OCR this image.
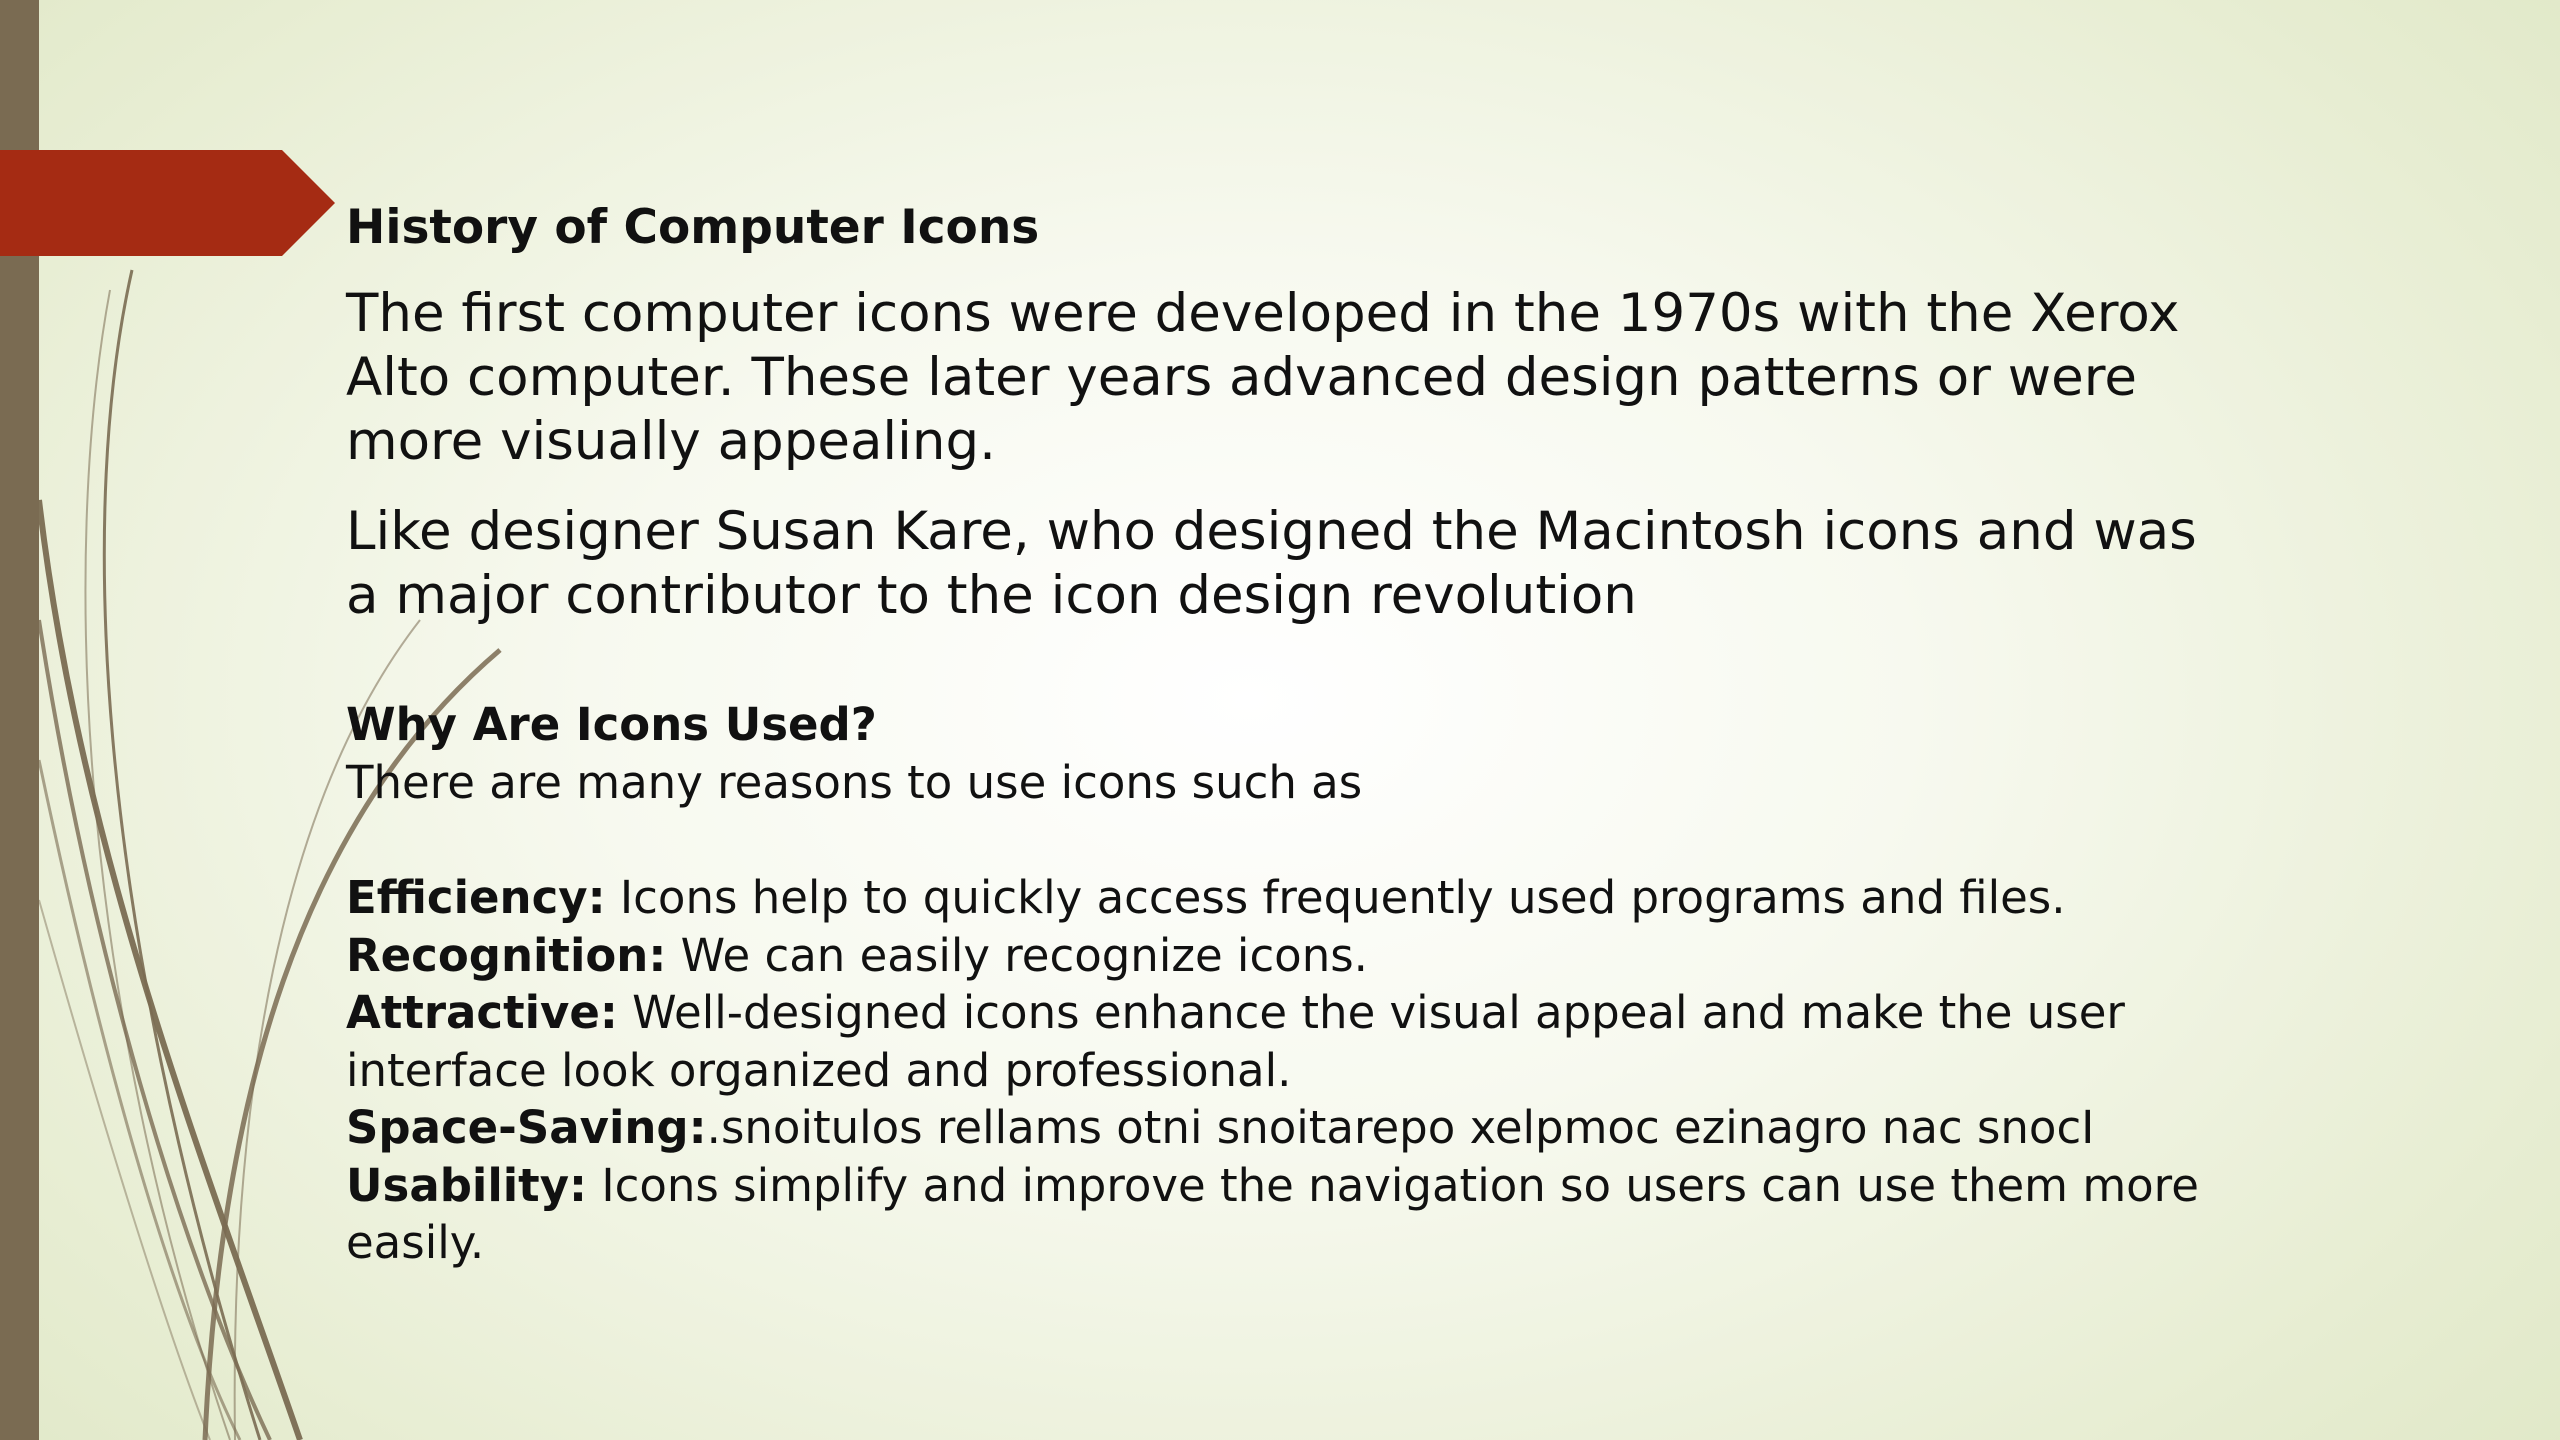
History of Computer Icons

The first computer icons were developed in the 1970s with the Xerox Alto computer. These later years advanced design patterns or were more visually appealing.

Like designer Susan Kare, who designed the Macintosh icons and was a major contributor to the icon design revolution

Why Are Icons Used?
There are many reasons to use icons such as

Efficiency: Icons help to quickly access frequently used programs and files.

Recognition: We can easily recognize icons.

Attractive: Well-designed icons enhance the visual appeal and make the user interface look organized and professional.

Space-Saving:.snoitulos rellams otni snoitarepo xelpmoc ezinagro nac snocI

Usability: Icons simplify and improve the navigation so users can use them more easily.
